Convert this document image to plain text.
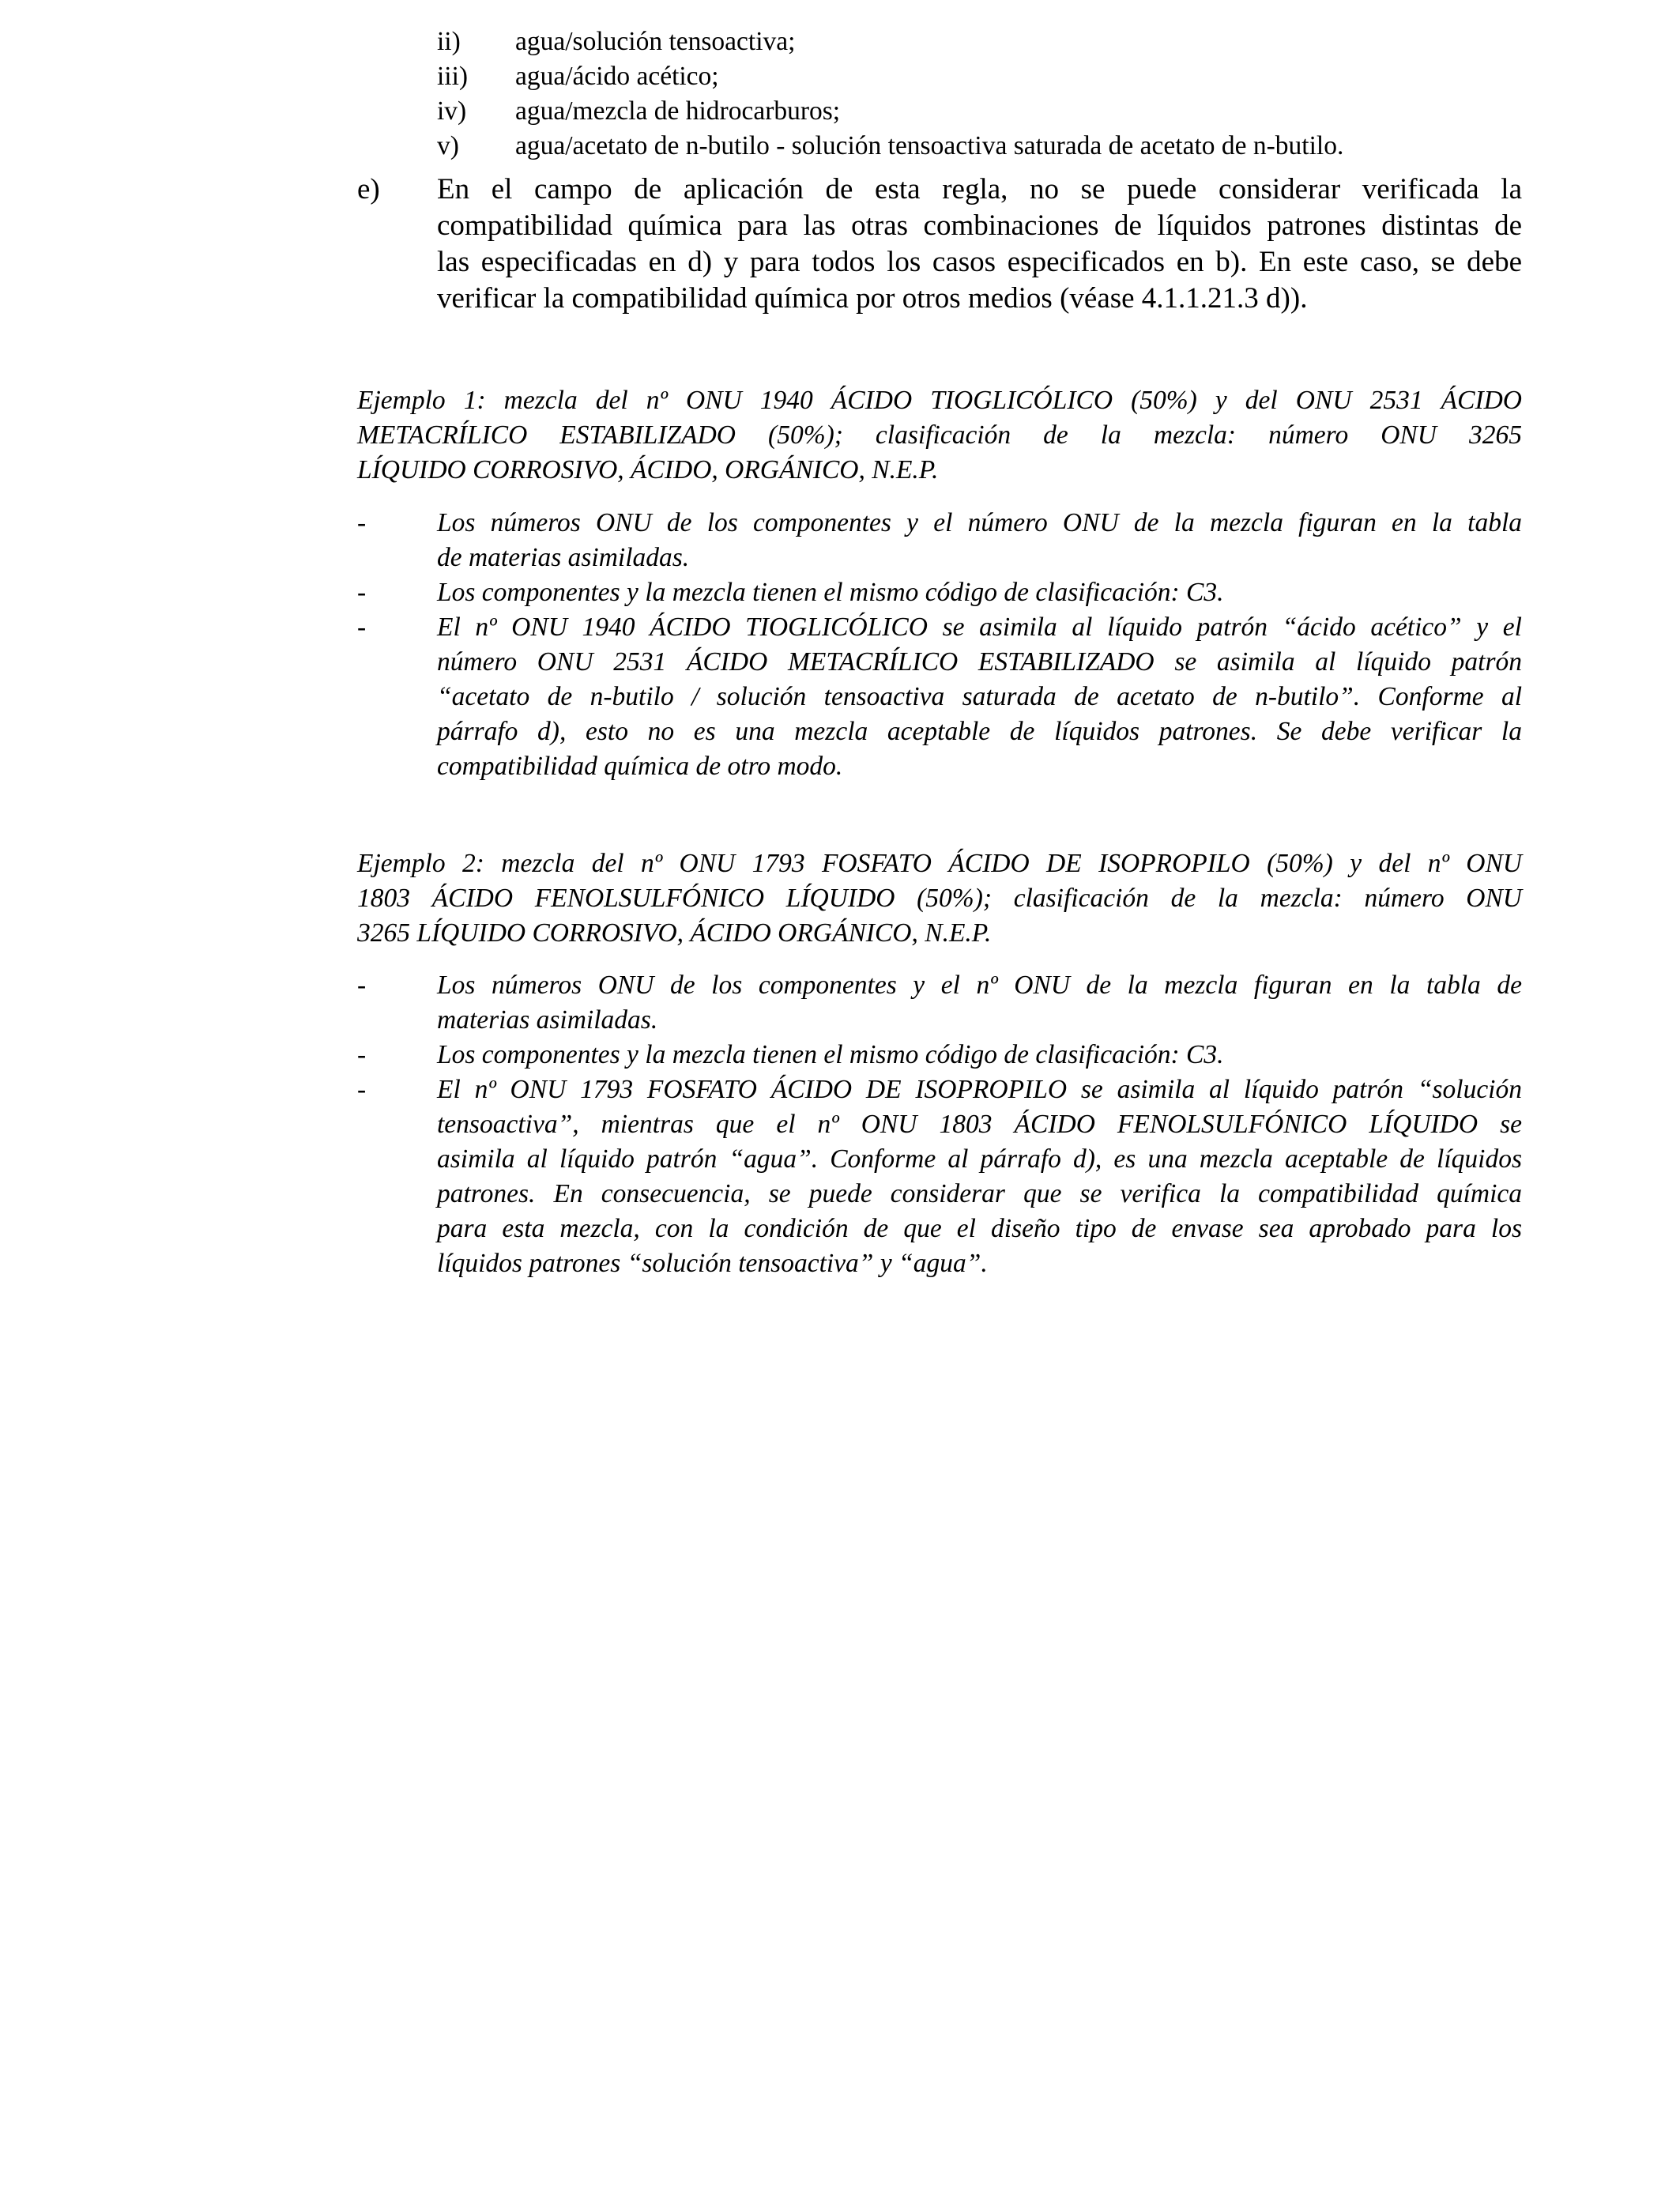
ii) agua/solución tensoactiva;
iii) agua/ácido acético;
iv) agua/mezcla de hidrocarburos;
v) agua/acetato de n-butilo - solución tensoactiva saturada de acetato de n-butilo.
e) En el campo de aplicación de esta regla, no se puede considerar verificada la
compatibilidad química para las otras combinaciones de líquidos patrones distintas de
las especificadas en d) y para todos los casos especificados en b). En este caso, se debe
verificar la compatibilidad química por otros medios (véase 4.1.1.21.3 d)).
Ejemplo 1: mezcla del nº ONU 1940 ÁCIDO TIOGLICÓLICO (50%) y del ONU 2531 ÁCIDO
METACRÍLICO ESTABILIZADO (50%); clasificación de la mezcla: número ONU 3265
LÍQUIDO CORROSIVO, ÁCIDO, ORGÁNICO, N.E.P.
-	Los números ONU de los componentes y el número ONU de la mezcla figuran en la tabla
de materias asimiladas.
-	Los componentes y la mezcla tienen el mismo código de clasificación: C3.
-	El nº ONU 1940 ÁCIDO TIOGLICÓLICO se asimila al líquido patrón “ácido acético” y el
número ONU 2531 ÁCIDO METACRÍLICO ESTABILIZADO se asimila al líquido patrón
“acetato de n-butilo / solución tensoactiva saturada de acetato de n-butilo”. Conforme al
párrafo d), esto no es una mezcla aceptable de líquidos patrones. Se debe verificar la
compatibilidad química de otro modo.
Ejemplo 2: mezcla del nº ONU 1793 FOSFATO ÁCIDO DE ISOPROPILO (50%) y del nº ONU
1803 ÁCIDO FENOLSULFÓNICO LÍQUIDO (50%); clasificación de la mezcla: número ONU
3265 LÍQUIDO CORROSIVO, ÁCIDO ORGÁNICO, N.E.P.
-	Los números ONU de los componentes y el nº ONU de la mezcla figuran en la tabla de
materias asimiladas.
-	Los componentes y la mezcla tienen el mismo código de clasificación: C3.
-	El nº ONU 1793 FOSFATO ÁCIDO DE ISOPROPILO se asimila al líquido patrón “solución
tensoactiva”, mientras que el nº ONU 1803 ÁCIDO FENOLSULFÓNICO LÍQUIDO se
asimila al líquido patrón “agua”. Conforme al párrafo d), es una mezcla aceptable de líquidos
patrones. En consecuencia, se puede considerar que se verifica la compatibilidad química
para esta mezcla, con la condición de que el diseño tipo de envase sea aprobado para los
líquidos patrones “solución tensoactiva” y “agua”.
